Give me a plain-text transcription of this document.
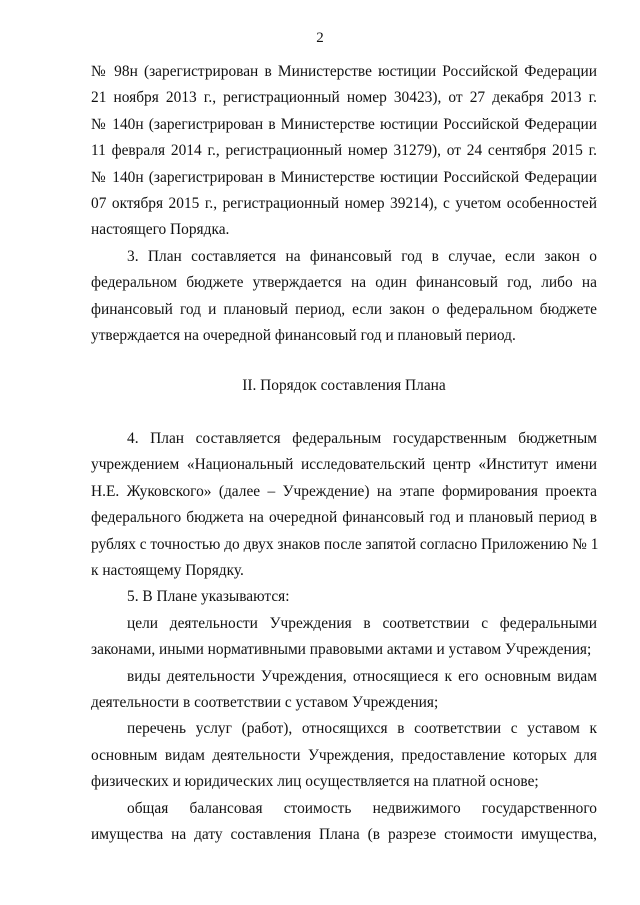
2
№ 98н (зарегистрирован в Министерстве юстиции Российской Федерации
21 ноября 2013 г., регистрационный номер 30423), от 27 декабря 2013 г.
№ 140н (зарегистрирован в Министерстве юстиции Российской Федерации
11 февраля 2014 г., регистрационный номер 31279), от 24 сентября 2015 г.
№ 140н (зарегистрирован в Министерстве юстиции Российской Федерации
07 октября 2015 г., регистрационный номер 39214), с учетом особенностей
настоящего Порядка.
3. План составляется на финансовый год в случае, если закон о
федеральном бюджете утверждается на один финансовый год, либо на
финансовый год и плановый период, если закон о федеральном бюджете
утверждается на очередной финансовый год и плановый период.
II. Порядок составления Плана
4. План составляется федеральным государственным бюджетным
учреждением «Национальный исследовательский центр «Институт имени
Н.Е. Жуковского» (далее – Учреждение) на этапе формирования проекта
федерального бюджета на очередной финансовый год и плановый период в
рублях с точностью до двух знаков после запятой согласно Приложению № 1
к настоящему Порядку.
5. В Плане указываются:
цели деятельности Учреждения в соответствии с федеральными
законами, иными нормативными правовыми актами и уставом Учреждения;
виды деятельности Учреждения, относящиеся к его основным видам
деятельности в соответствии с уставом Учреждения;
перечень услуг (работ), относящихся в соответствии с уставом к
основным видам деятельности Учреждения, предоставление которых для
физических и юридических лиц осуществляется на платной основе;
общая балансовая стоимость недвижимого государственного
имущества на дату составления Плана (в разрезе стоимости имущества,
